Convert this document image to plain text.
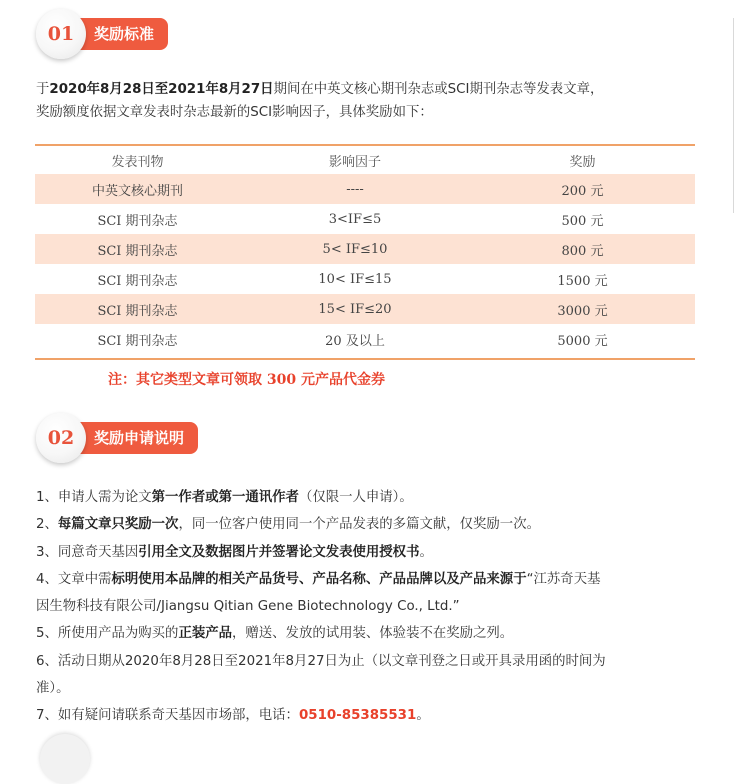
01	奖励标准
于2020年8月28日至2021年8月27日期间在中英文核心期刊杂志或SCI期刊杂志等发表文章，
奖励额度依据文章发表时杂志最新的SCI影响因子，具体奖励如下：
发表刊物	影响因子	奖励
中英文核心期刊	----	200 元
SCI 期刊杂志	3<IF≤5	500 元
SCI 期刊杂志	5< IF≤10	800 元
SCI 期刊杂志	10< IF≤15	1500 元
SCI 期刊杂志	15< IF≤20	3000 元
SCI 期刊杂志	20 及以上	5000 元
注：其它类型文章可领取 300 元产品代金券
02	奖励申请说明

1、申请人需为论文第一作者或第一通讯作者（仅限一人申请）。

2、每篇文章只奖励一次，同一位客户使用同一个产品发表的多篇文献，仅奖励一次。

3、同意奇天基因引用全文及数据图片并签署论文发表使用授权书。

4、文章中需标明使用本品牌的相关产品货号、产品名称、产品品牌以及产品来源于“江苏奇天基

因生物科技有限公司/Jiangsu Qitian Gene Biotechnology Co., Ltd.”

5、所使用产品为购买的正装产品，赠送、发放的试用装、体验装不在奖励之列。

6、活动日期从2020年8月28日至2021年8月27日为止（以文章刊登之日或开具录用函的时间为

准）。

7、如有疑问请联系奇天基因市场部，电话：0510-85385531。
